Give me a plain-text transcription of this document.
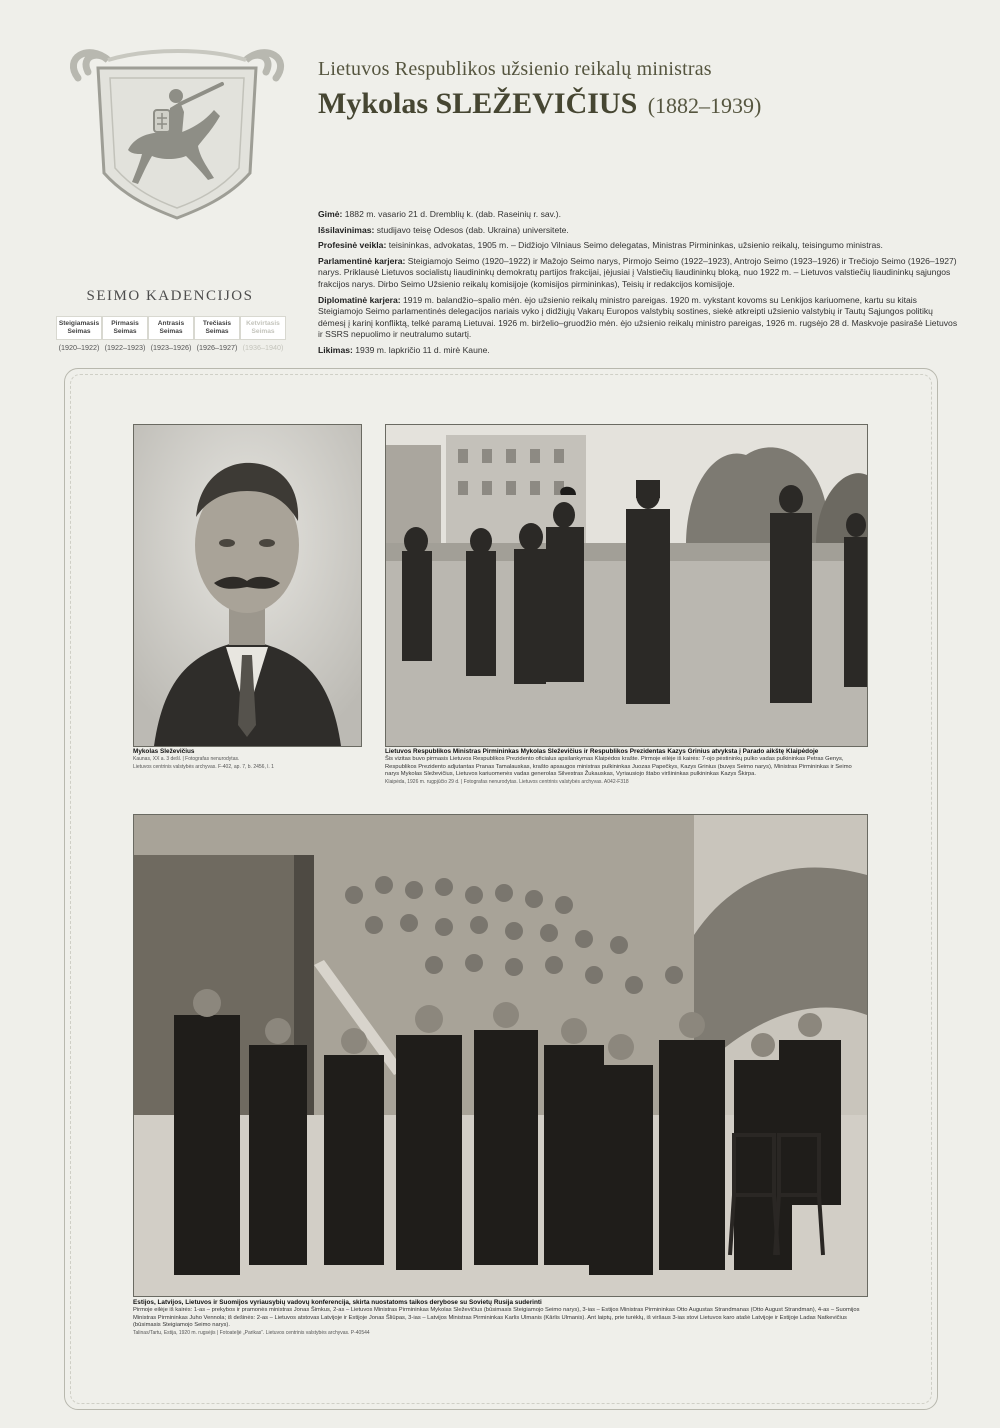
Lietuvos Respublikos užsienio reikalų ministras
Mykolas SLEŽEVIČIUS (1882–1939)

Gimė: 1882 m. vasario 21 d. Dremblių k. (dab. Raseinių r. sav.).

Išsilavinimas: studijavo teisę Odesos (dab. Ukraina) universitete.

Profesinė veikla: teisininkas, advokatas, 1905 m. – Didžiojo Vilniaus Seimo delegatas, Ministras Pirmininkas, užsienio reikalų, teisingumo ministras.

Parlamentinė karjera: Steigiamojo Seimo (1920–1922) ir Mažojo Seimo narys, Pirmojo Seimo (1922–1923), Antrojo Seimo (1923–1926) ir Trečiojo Seimo (1926–1927) narys. Priklausė Lietuvos socialistų liaudininkų demokratų partijos frakcijai, įėjusiai į Valstiečių liaudininkų bloką, nuo 1922 m. – Lietuvos valstiečių liaudininkų sąjungos frakcijos narys. Dirbo Seimo Užsienio reikalų komisijoje (komisijos pirmininkas), Teisių ir redakcijos komisijoje.

Diplomatinė karjera: 1919 m. balandžio–spalio mėn. ėjo užsienio reikalų ministro pareigas. 1920 m. vykstant kovoms su Lenkijos kariuomene, kartu su kitais Steigiamojo Seimo parlamentinės delegacijos nariais vyko į didžiųjų Vakarų Europos valstybių sostines, siekė atkreipti užsienio valstybių ir Tautų Sąjungos politikų dėmesį į karinį konfliktą, telkė paramą Lietuvai. 1926 m. birželio–gruodžio mėn. ėjo užsienio reikalų ministro pareigas, 1926 m. rugsėjo 28 d. Maskvoje pasirašė Lietuvos ir SSRS nepuolimo ir neutralumo sutartį.

Likimas: 1939 m. lapkričio 11 d. mirė Kaune.

SEIMO KADENCIJOS
Steigiamasis Seimas
(1920–1922)
Pirmasis Seimas
(1922–1923)
Antrasis Seimas
(1923–1926)
Trečiasis Seimas
(1926–1927)
Ketvirtasis Seimas
(1936–1940)
Mykolas Sleževičius
Kaunas, XX a. 3 dešl. | Fotografas nenurodytas.
Lietuvos centrinis valstybės archyvas. F-402, ap. 7, b. 2456, l. 1
Lietuvos Respublikos Ministras Pirmininkas Mykolas Sleževičius ir Respublikos Prezidentas Kazys Grinius atvyksta į Parado aikštę Klaipėdoje
Šis vizitas buvo pirmasis Lietuvos Respublikos Prezidento oficialus apsilankymas Klaipėdos krašte. Pirmoje eilėje iš kairės: 7-ojo pėstininkų pulko vadas pulkininkas Petras Genys, Respublikos Prezidento adjutantas Pranas Tamalauskas, krašto apsaugos ministras pulkininkas Juozas Papečkys, Kazys Grinius (buvęs Seimo narys), Ministras Pirmininkas ir Seimo narys Mykolas Sleževičius, Lietuvos kariuomenės vadas generolas Silvestras Žukauskas, Vyriausiojo štabo viršininkas pulkininkas Kazys Škirpa.
Klaipėda, 1926 m. rugpjūčio 29 d. | Fotografas nenurodytas. Lietuvos centrinis valstybės archyvas. A042-F318
Estijos, Latvijos, Lietuvos ir Suomijos vyriausybių vadovų konferencija, skirta nuostatoms taikos derybose su Sovietų Rusija suderinti
Pirmoje eilėje iš kairės: 1-as – prekybos ir pramonės ministras Jonas Šimkus, 2-as – Lietuvos Ministras Pirmininkas Mykolas Sleževičius (būsimasis Steigiamojo Seimo narys), 3-ias – Estijos Ministras Pirmininkas Otto Augustas Strandmanas (Otto August Strandman), 4-as – Suomijos Ministras Pirmininkas Juho Vennola; iš dešinės: 2-as – Lietuvos atstovas Latvijoje ir Estijoje Jonas Šliūpas, 3-ias – Latvijos Ministras Pirmininkas Karlis Ulmanis (Kārlis Ulmanis). Ant laiptų, prie turėklų, iš viršaus 3-ias stovi Lietuvos karo atašė Latvijoje ir Estijoje Ladas Natkevičius (būsimasis Steigiamojo Seimo narys).
Talinas/Tartu, Estija, 1920 m. rugsėjis | Fotoateljė „Parikas“. Lietuvos centrinis valstybės archyvas. P-40544
